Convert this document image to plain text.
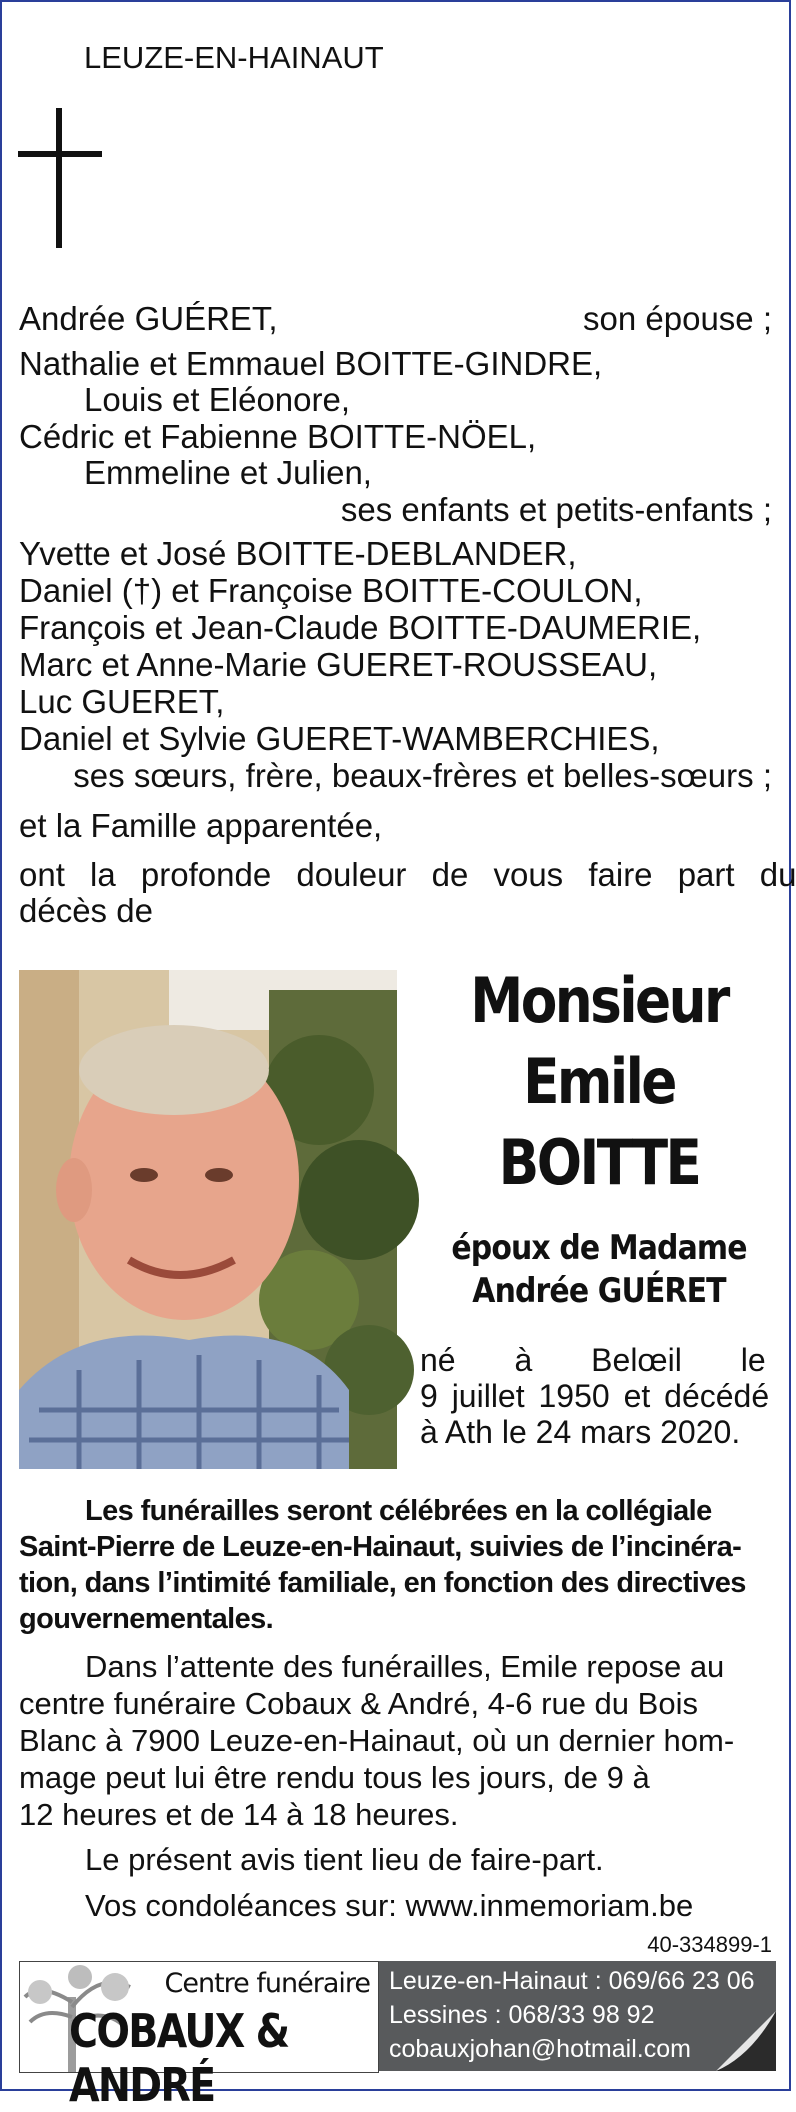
LEUZE-EN-HAINAUT
Andrée GUÉRET,	son épouse ;
Nathalie et Emmauel BOITTE-GINDRE,
Louis et Eléonore,
Cédric et Fabienne BOITTE-NÖEL,
Emmeline et Julien,
ses enfants et petits-enfants ;
Yvette et José BOITTE-DEBLANDER,
Daniel (†) et Françoise BOITTE-COULON,
François et Jean-Claude BOITTE-DAUMERIE,
Marc et Anne-Marie GUERET-ROUSSEAU,
Luc GUERET,
Daniel et Sylvie GUERET-WAMBERCHIES,
ses sœurs, frère, beaux-frères et belles-sœurs ;
et la Famille apparentée,
ont la profonde douleur de vous faire part du
décès de
Monsieur
Emile
BOITTE
époux de Madame
Andrée GUÉRET
né à Belœil le
9 juillet 1950 et décédé
à Ath le 24 mars 2020.
Les funérailles seront célébrées en la collégiale
Saint-Pierre de Leuze-en-Hainaut, suivies de l’incinéra-
tion, dans l’intimité familiale, en fonction des directives
gouvernementales.
Dans l’attente des funérailles, Emile repose au
centre funéraire Cobaux & André, 4-6 rue du Bois
Blanc à 7900 Leuze-en-Hainaut, où un dernier hom-
mage peut lui être rendu tous les jours, de 9 à
12 heures et de 14 à 18 heures.
Le présent avis tient lieu de faire-part.
Vos condoléances sur: www.inmemoriam.be
40-334899-1
Centre funéraire
COBAUX & ANDRÉ
Leuze-en-Hainaut : 069/66 23 06
Lessines : 068/33 98 92
cobauxjohan@hotmail.com
